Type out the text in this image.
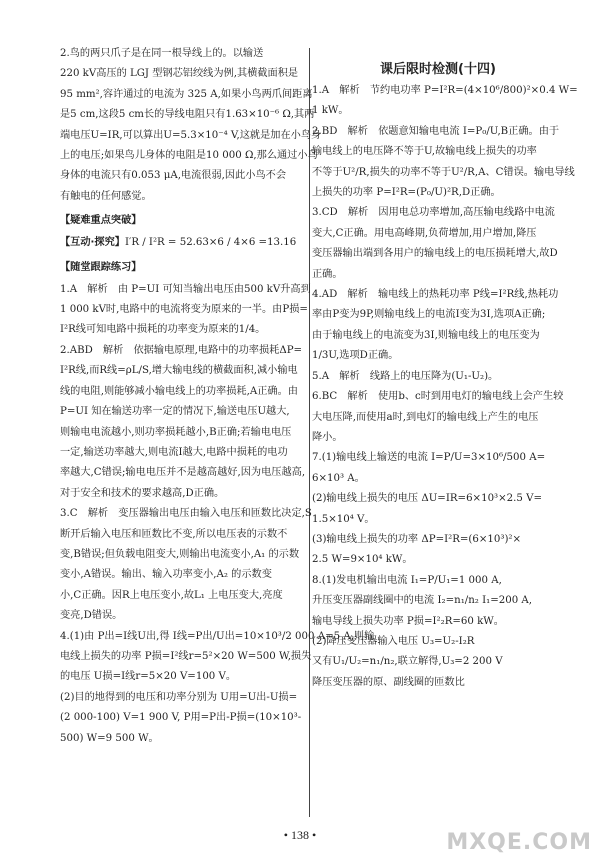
2.鸟的两只爪子是在同一根导线上的。以输送
220 kV高压的 LGJ 型钢芯铝绞线为例,其横截面积是
95 mm²,容许通过的电流为 325 A,如果小鸟两爪间距离
是5 cm,这段5 cm长的导线电阻只有1.63×10⁻⁶ Ω,其两
端电压U=IR,可以算出U=5.3×10⁻⁴ V,这就是加在小鸟身
上的电压;如果鸟儿身体的电阻是10 000 Ω,那么通过小鸟
身体的电流只有0.053 μA,电流很弱,因此小鸟不会
有触电的任何感觉。
【疑难重点突破】
【互动·探究】I′R / I²R = 52.63×6 / 4×6 =13.16
【随堂跟踪练习】
1.A　解析　由 P=UI 可知当输出电压由500 kV升高到
1 000 kV时,电路中的电流将变为原来的一半。由P损=
I²R线可知电路中损耗的功率变为原来的1/4。
2.ABD　解析　依据输电原理,电路中的功率损耗ΔP=
I²R线,而R线=ρL/S,增大输电线的横截面积,减小输电
线的电阻,则能够减小输电线上的功率损耗,A正确。由
P=UI 知在输送功率一定的情况下,输送电压U越大,
则输电电流越小,则功率损耗越小,B正确;若输电电压
一定,输送功率越大,则电流I越大,电路中损耗的电功
率越大,C错误;输电电压并不是越高越好,因为电压越高,
对于安全和技术的要求越高,D正确。
3.C　解析　变压器输出电压由输入电压和匝数比决定,S
断开后输入电压和匝数比不变,所以电压表的示数不
变,B错误;但负载电阻变大,则输出电流变小,A₁ 的示数
变小,A错误。输出、输入功率变小,A₂ 的示数变
小,C正确。因R上电压变小,故L₁ 上电压变大,亮度
变亮,D错误。
4.(1)由 P出=I线U出,得 I线=P出/U出=10×10³/2 000 A=5 A,则输
电线上损失的功率 P损=I²线r=5²×20 W=500 W,损失
的电压 U损=I线r=5×20 V=100 V。
(2)目的地得到的电压和功率分别为 U用=U出-U损=
(2 000-100) V=1 900 V, P用=P出-P损=(10×10³-
500) W=9 500 W。
课后限时检测(十四)
1.A　解析　节约电功率 P=I²R=(4×10⁶/800)²×0.4 W=
1 kW。
2.BD　解析　依题意知输电电流 I=P₀/U,B正确。由于
输电线上的电压降不等于U,故输电线上损失的功率
不等于U²/R,损失的功率不等于U²/R,A、C错误。输电导线
上损失的功率 P=I²R=(P₀/U)²R,D正确。
3.CD　解析　因用电总功率增加,高压输电线路中电流
变大,C正确。用电高峰期,负荷增加,用户增加,降压
变压器输出端到各用户的输电线上的电压损耗增大,故D
正确。
4.AD　解析　输电线上的热耗功率 P线=I²R线,热耗功
率由P变为9P,则输电线上的电流I变为3I,选项A正确;
由于输电线上的电流变为3I,则输电线上的电压变为
1/3U,选项D正确。
5.A　解析　线路上的电压降为(U₁-U₂)。
6.BC　解析　使用b、c时到用电灯的输电线上会产生较
大电压降,而使用a时,到电灯的输电线上产生的电压
降小。
7.(1)输电线上输送的电流 I=P/U=3×10⁶/500 A=
6×10³ A。
(2)输电线上损失的电压 ΔU=IR=6×10³×2.5 V=
1.5×10⁴ V。
(3)输电线上损失的功率 ΔP=I²R=(6×10³)²×
2.5 W=9×10⁴ kW。
8.(1)发电机输出电流 I₁=P/U₁=1 000 A,
升压变压器副线圈中的电流 I₂=n₁/n₂ I₁=200 A,
输电导线上损失功率 P损=I²₂R=60 kW。
(2)降压变压器输入电压 U₃=U₂-I₂R
又有U₁/U₂=n₁/n₂,联立解得,U₃=2 200 V
降压变压器的原、副线圈的匝数比
• 138 •	MXQE.COM
